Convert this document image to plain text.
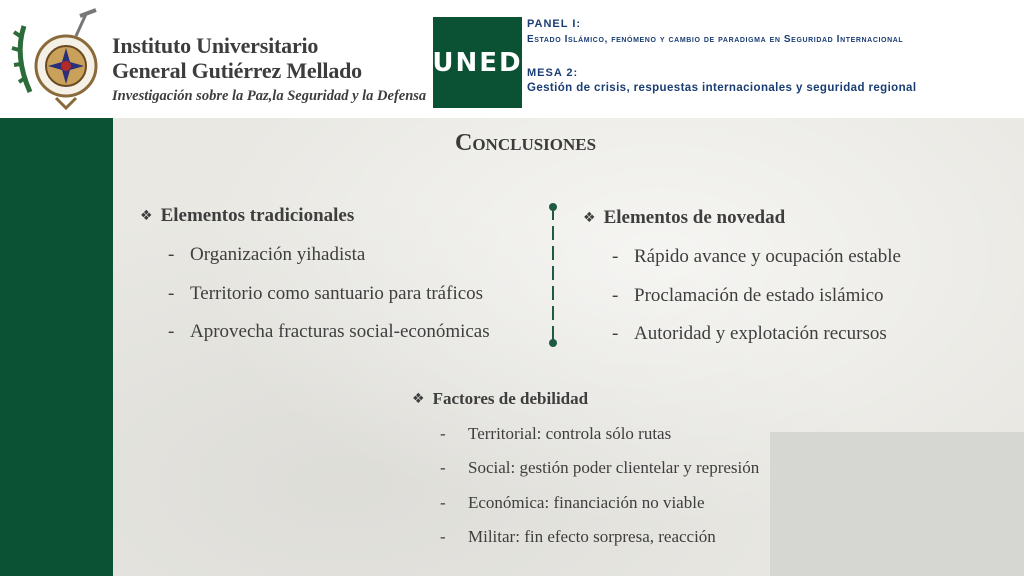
Instituto Universitario
General Gutiérrez Mellado
Investigación sobre la Paz,la Seguridad y la Defensa
UNED
PANEL I:
Estado Islámico, fenómeno y cambio de paradigma en Seguridad Internacional
MESA 2:
Gestión de crisis, respuestas internacionales y seguridad regional
Conclusiones
❖ Elementos tradicionales
- Organización yihadista
- Territorio como santuario para tráficos
- Aprovecha fracturas social-económicas
❖ Elementos de novedad
- Rápido avance y ocupación estable
- Proclamación de estado islámico
- Autoridad y explotación recursos
❖ Factores de debilidad
- Territorial: controla sólo rutas
- Social: gestión poder clientelar y represión
- Económica: financiación no viable
- Militar: fin efecto sorpresa, reacción
